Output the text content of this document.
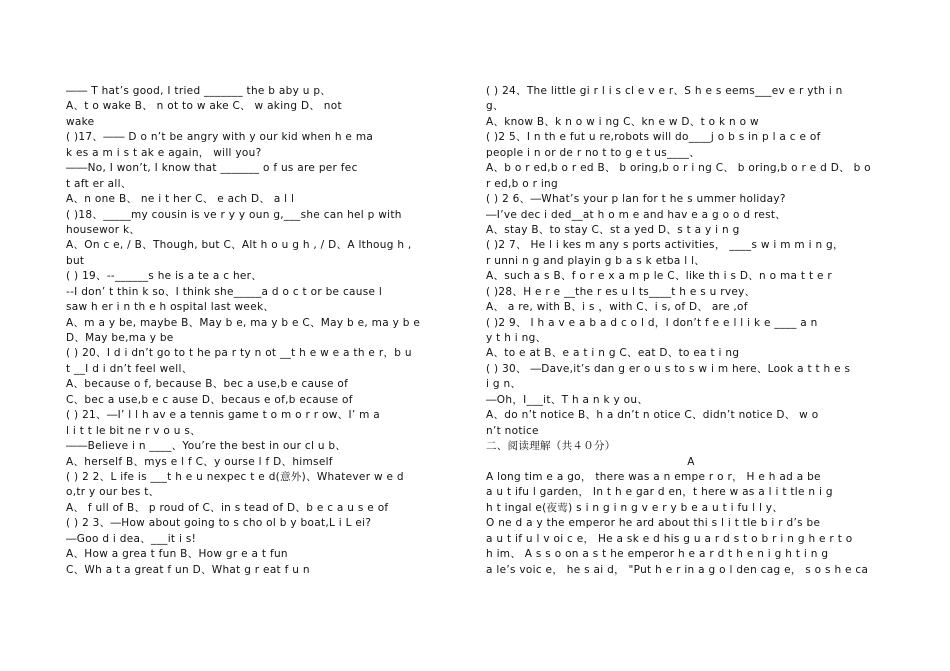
―― T hat’s good, I tried _______ the b aby u p、
A、t o wake B、 n ot to w ake C、 w aking D、 not
wake
( )17、―― D o n’t be angry with y our kid when h e ma
k es a m i s t ak e again， will you?
――No, I won’t, I know that _______ o f us are per fec
t aft er all、
A、n one B、 ne i t her C、 e ach D、 a l l
( )18、_____my cousin is ve r y y oun g,___she can hel p with
housewor k、
A、On c e, / B、Though, but C、Alt h o u g h , / D、A lthoug h ,
but
( ) 19、--______s he is a te a c her、
--I don’ t thin k so、I think she_____a d o c t or be cause l
saw h er i n th e h ospital last week、
A、m a y be, maybe B、May b e, ma y b e C、May b e, ma y b e
D、May be,ma y be
( ) 20、I d i dn’t go to t he pa r ty n ot __t h e w e a th e r，b u
t __I d i dn’t feel well、
A、because o f, because B、bec a use,b e cause of
C、bec a use,b e c ause D、becaus e of,b ecause of
( ) 21、―I’ l l h av e a tennis game t o m o r r ow、I’ m a
l i t t le bit ne r v o u s、
――Believe i n ____、You’re the best in our cl u b、
A、herself B、mys e l f C、y ourse l f D、himself
( ) 2 2、L ife is ___t h e u nexpec t e d(意外)、Whatever w e d
o,tr y our bes t、
A、 f ull of B、 p roud of C、in s tead of D、b e c a u s e of
( ) 2 3、―How about going to s cho ol b y boat,L i L ei?
―Goo d i dea、___it i s!
A、How a grea t fun B、How gr e a t fun
C、Wh a t a great f un D、What g r eat f u n
( ) 24、The little gi r l i s cl e v e r、S h e s eems___ev e r yth i n
g、
A、know B、k n o w i ng C、kn e w D、t o k n o w
( )2 5、I n th e fut u re,robots will do____j o b s in p l a c e of
people i n or de r no t to g e t us____、
A、b o r ed,b o r ed B、 b oring,b o r i ng C、 b oring,b o r e d D、 b o
r ed,b o r ing
( ) 2 6、―What’s your p lan for t he s ummer holiday?
―I’ve dec i ded__at h o m e and hav e a g o o d rest、
A、stay B、to stay C、st a yed D、s t a y i n g
( )2 7、 He l i kes m any s ports activities， ____s w i m m i n g，
r unni n g and playin g b a s k etba l l、
A、such a s B、f o r e x a m p le C、like th i s D、n o ma t t e r
( )28、H e r e __the r es u l ts____t h e s u rvey、
A、 a re, with B、i s ，with C、i s, of D、 are ,of
( )2 9、 I h a v e a b a d c o l d，I don’t f e e l l i k e ____ a n
y t h i ng、
A、to e at B、e a t i n g C、eat D、to ea t i ng
( ) 30、 ―Dave,it’s dan g er o u s to s w i m here、Look a t t h e s
i g n、
―Oh，I___it、T h a n k y ou、
A、do n’t notice B、h a dn’t n otice C、didn’t notice D、 w o
n’t notice
二、阅读理解（共４０分）
A
A long tim e a go， there was a n empe r o r， H e h ad a be
a u t ifu l garden， In t h e gar d en，t here w as a l i t tle n i g
h t ingal e(夜莺) s i n g i n g v e r y b e a u t i fu l l y、
O ne d a y the emperor he ard about thi s l i t tle b i r d’s be
a u t if u l v oi c e， He a sk e d his g u a r d s t o b r i n g h e r t o
h im、 A s s o on a s t he emperor h e a r d t h e n i g h t i n g
a le’s voic e， he s ai d， "Put h e r in a g o l den cag e， s o s h e ca
